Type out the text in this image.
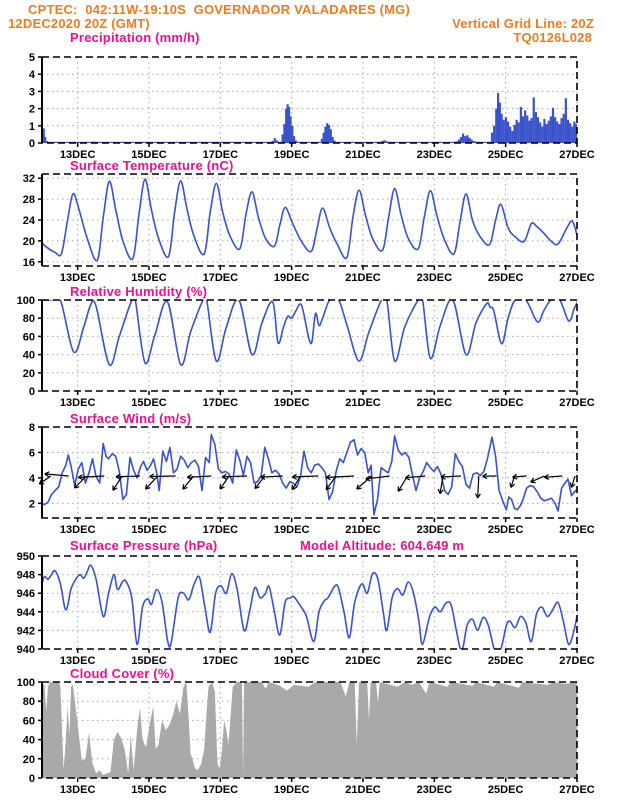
CPTEC:  042:11W-19:10S  GOVERNADOR VALADARES (MG)
12DEC2020 20Z (GMT)	Vertical Grid Line: 20Z
TQ0126L028
Precipitation (mm/h)
Surface Temperature (nC)
Relative Humidity (%)
Surface Wind (m/s)
Surface Pressure (hPa)	Model Altitude: 604.649 m
Cloud Cover (%)
13DEC	15DEC	17DEC	19DEC	21DEC	23DEC	25DEC	27DEC
0
1
2
3
4
5
13DEC	15DEC	17DEC	19DEC	21DEC	23DEC	25DEC	27DEC
16
20
24
28
32
13DEC	15DEC	17DEC	19DEC	21DEC	23DEC	25DEC	27DEC
0
20
40
60
80
100
13DEC	15DEC	17DEC	19DEC	21DEC	23DEC	25DEC	27DEC
2
4
6
8
13DEC	15DEC	17DEC	19DEC	21DEC	23DEC	25DEC	27DEC
940
942
944
946
948
950
13DEC	15DEC	17DEC	19DEC	21DEC	23DEC	25DEC	27DEC
0
20
40
60
80
100
